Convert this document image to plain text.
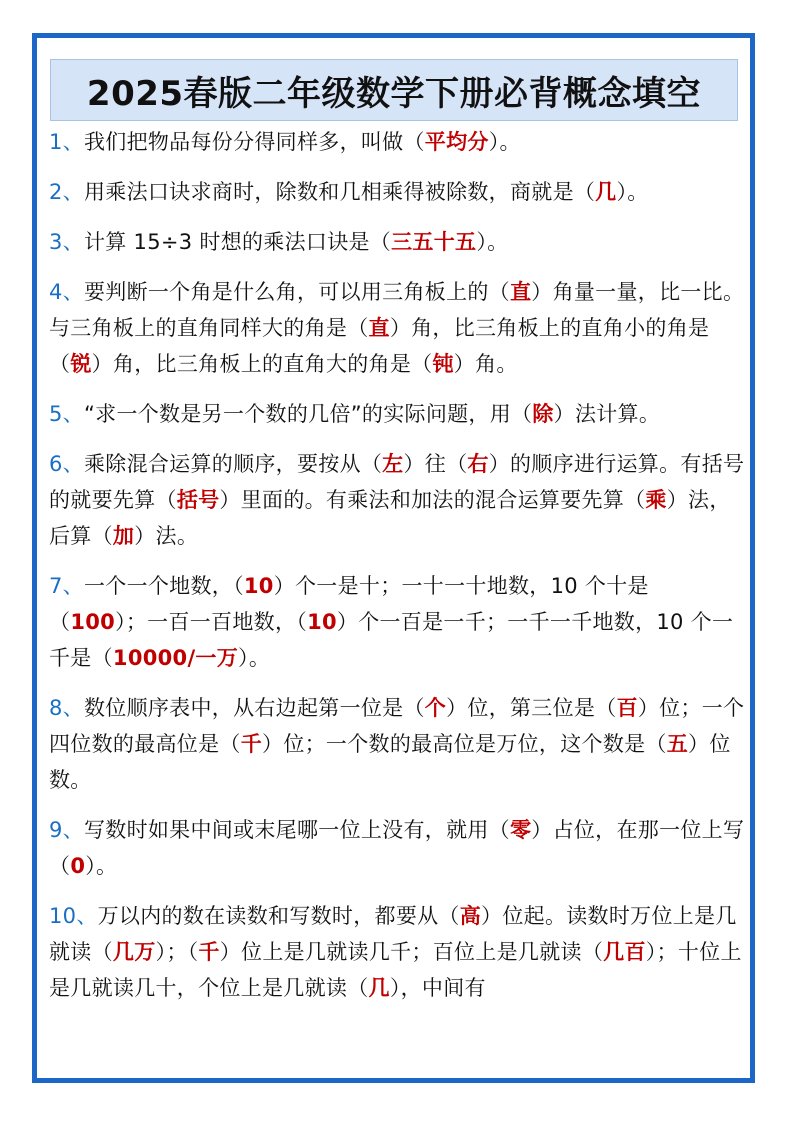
2025春版二年级数学下册必背概念填空
1、我们把物品每份分得同样多，叫做（平均分）。
2、用乘法口诀求商时，除数和几相乘得被除数，商就是（几）。
3、计算 15÷3 时想的乘法口诀是（三五十五）。
4、要判断一个角是什么角，可以用三角板上的（直）角量一量，比一比。与三角板上的直角同样大的角是（直）角，比三角板上的直角小的角是（锐）角，比三角板上的直角大的角是（钝）角。
5、“求一个数是另一个数的几倍”的实际问题，用（除）法计算。
6、乘除混合运算的顺序，要按从（左）往（右）的顺序进行运算。有括号的就要先算（括号）里面的。有乘法和加法的混合运算要先算（乘）法，后算（加）法。
7、一个一个地数，（10）个一是十；一十一十地数，10 个十是（100）；一百一百地数，（10）个一百是一千；一千一千地数，10 个一千是（10000/一万）。
8、数位顺序表中，从右边起第一位是（个）位，第三位是（百）位；一个四位数的最高位是（千）位；一个数的最高位是万位，这个数是（五）位数。
9、写数时如果中间或末尾哪一位上没有，就用（零）占位，在那一位上写（0）。
10、万以内的数在读数和写数时，都要从（高）位起。读数时万位上是几就读（几万）；（千）位上是几就读几千；百位上是几就读（几百）；十位上是几就读几十，个位上是几就读（几），中间有
